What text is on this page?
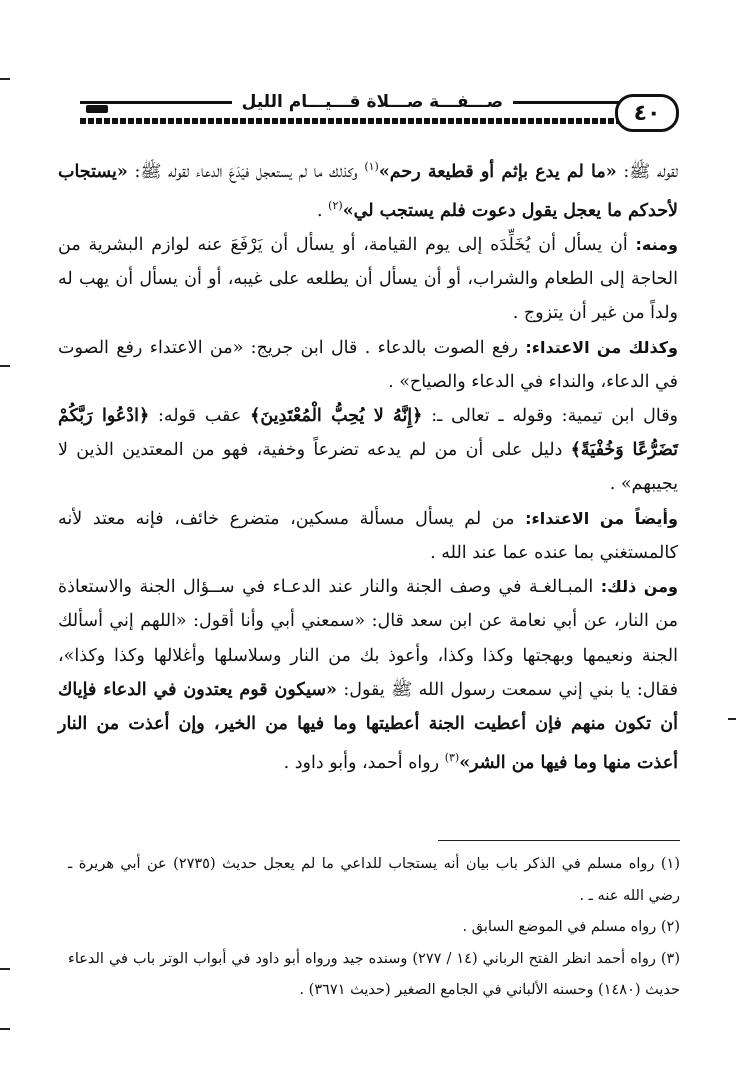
صـــفـــة صـــلاة قـــيـــام الليل	٤٠

لقوله ﷺ: «ما لم يدع بإثم أو قطيعة رحم»$^{(١)}$ وكذلك ما لم يستعجل فيَدَعَ الدعاء لقوله ﷺ: «يستجاب لأحدكم ما يعجل يقول دعوت فلم يستجب لي»$^{(٢)}$ .

ومنه: أن يسأل أن يُخَلِّدَه إلى يوم القيامة، أو يسأل أن يَرْفَعَ عنه لوازم البشرية من الحاجة إلى الطعام والشراب، أو أن يسأل أن يطلعه على غيبه، أو أن يسأل أن يهب له ولداً من غير أن يتزوج .

وكذلك من الاعتداء: رفع الصوت بالدعاء . قال ابن جريج: «من الاعتداء رفع الصوت في الدعاء، والنداء في الدعاء والصياح» .

وقال ابن تيمية: وقوله ـ تعالى ـ: ﴿إِنَّهُ لا يُحِبُّ الْمُعْتَدِينَ﴾ عقب قوله: ﴿ادْعُوا رَبَّكُمْ تَضَرُّعًا وَخُفْيَةً﴾ دليل على أن من لم يدعه تضرعاً وخفية، فهو من المعتدين الذين لا يجيبهم» .

وأيضاً من الاعتداء: من لم يسأل مسألة مسكين، متضرع خائف، فإنه معتد لأنه كالمستغني بما عنده عما عند الله .

ومن ذلك: المبـالغـة في وصف الجنة والنار عند الدعـاء في ســؤال الجنة والاستعاذة من النار، عن أبي نعامة عن ابن سعد قال: «سمعني أبي وأنا أقول: «اللهم إني أسألك الجنة ونعيمها وبهجتها وكذا وكذا، وأعوذ بك من النار وسلاسلها وأغلالها وكذا وكذا»، فقال: يا بني إني سمعت رسول الله ﷺ يقول: «سيكون قوم يعتدون في الدعاء فإياك أن تكون منهم فإن أعطيت الجنة أعطيتها وما فيها من الخير، وإن أعذت من النار أعذت منها وما فيها من الشر»$^{(٣)}$ رواه أحمد، وأبو داود .

(١) رواه مسلم في الذكر باب بيان أنه يستجاب للداعي ما لم يعجل حديث (٢٧٣٥) عن أبي هريرة ـ رضي الله عنه ـ .

(٢) رواه مسلم في الموضع السابق .

(٣) رواه أحمد انظر الفتح الرباني (١٤ / ٢٧٧) وسنده جيد ورواه أبو داود في أبواب الوتر باب في الدعاء حديث (١٤٨٠) وحسنه الألباني في الجامع الصغير (حديث ٣٦٧١) .
